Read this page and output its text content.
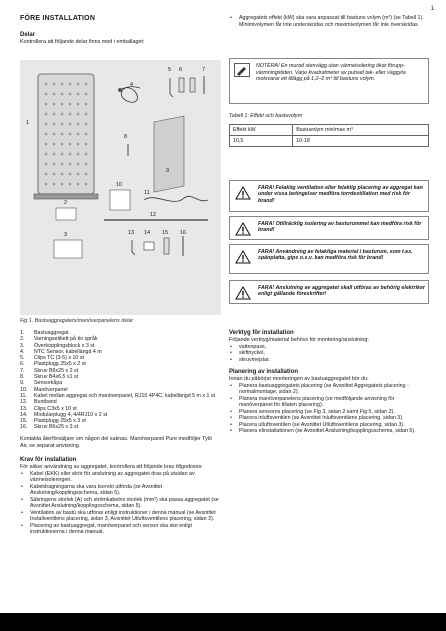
1
FÖRE INSTALLATION
Delar
Kontrollera att följande delar finns med i emballaget:
1
2
3
4
5 6	7
8
9
10
11
12
13 14 15 16
Fig 1. Bastuaggregatets/manöverpanelens delar
1.	Bastuaggregat
2.	Varningsetikett på tio språk
3.	Överkopplingsblock x 3 st
4.	NTC Sensor, kabellängd 4 m
5.	Clips TC (3-5) x 10 st
6.	Plastplugg 25x5 x 2 st
7.	Skruv B6x25 x 2 st
8.	Skruv B4x6,5 x1 st
9.	Sensorkåpa
10.	Manöverpanel
11.	Kabel mellan aggregat och manöverpanel, RJ10 4P4C, kabellängd 5 m x 1 st
12.	Buntband
13.	Clips C3x5 x 10 st
14.	Modularplugg 4, 4/4RJ10 x 2 st
15.	Plastplugg 25x5 x 3 st
16.	Skruv B6x25 x 3 st
Kontakta återförsäljare om någon del saknas. Manöverpanel Pure medföljer Tylö Air, se separat anvisning.
Krav för installation
För säker användning av aggregatet, kontrollera att följande krav tillgodoses:
• Kabel (EKK) eller elrör för anslutning av aggregatet dras på utsidan av värmeisoleringen.
• Kabeldragningarna ska vara korrekt utförda (se Avsnittet Anslutning/kopplingsschema, sidan 5).
• Säkringens storlek (A) och strömkabelns storlek (mm²) ska passa aggregatet (se Avsnittet Anslutning/kopplingsschema, sidan 5).
• Ventilation av bastu ska utföras enligt instruktioner i denna manual (se Avsnittet Installventilens placering, sidan 3, Avsnittet Utluftsventilens placering, sidan 3).
• Placering av bastuaggregat, manöverpanel och sensor ska ske enligt instruktionerna i denna manual.
• Aggregatets effekt (kW) ska vara anpassat till bastuns volym (m³) (se Tabell 1). Minimivolymen får inte underskridas och maximivolymen får inte överskridas.
NOTERA! En murad stenvägg utan värmeisolering ökar förupp-värmningstiden. Varje kvadratmeter av putsad tak- eller väggyta motsvarar ett tillägg på 1,2–2 m³ till bastuns volym.
Tabell 1: Effekt och bastuvolym
Effekt kW	Bastuvolym min/max m³
10,5	10-18
FARA! Felaktig ventilation eller felaktig placering av aggregat kan under vissa betingelser medföra torrdestillation med risk för brand!
FARA! Otillräcklig isolering av basturummet kan medföra risk för brand!
FARA! Användning av felaktiga material i basturum, som t.ex. spänplatta, gips o.s.v. kan medföra risk för brand!
FARA! Anslutning av aggregatet skall utföras av behörig elektriker enligt gällande föreskrifter!
Verktyg för installation
Följande verktyg/material behövs för montering/anslutning:
• vattenpass,
• skiftnyckel,
• skruvmejslar.
Planering av installation
Innan du påbörjar monteringen av bastuaggregatet bör du:
• Planera bastuaggregatets placering (se Avsnittet Aggregatets placering - normalmontage, sidan 2).
• Planera manöverpanelens placering (se medföljande anvisning för manöverpanel för tillaten placering).
• Planera sensorns placering (se Fig 3, sidan 2 samt Fig 5, sidan 2).
• Placera inluftsventilen (se Avsnittet Inluftsventilens placering, sidan 3).
• Placera utluftsventilen (se Avsnittet Utluftsventilens placering, sidan 3).
• Planera elinstallationen (se Avsnittet Anslutning/kopplingsschema, sidan 5).
